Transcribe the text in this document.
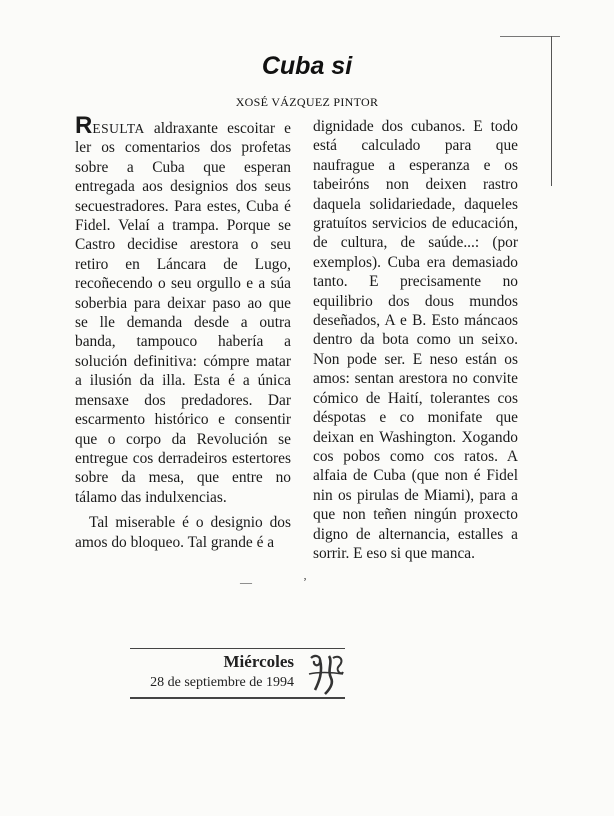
Cuba si
XOSÉ VÁZQUEZ PINTOR

RESULTA aldraxante escoitar e ler os comentarios dos profetas sobre a Cuba que esperan entregada aos designios dos seus secuestradores. Para estes, Cuba é Fidel. Velaí a trampa. Porque se Castro decidise arestora o seu retiro en Láncara de Lugo, recoñecendo o seu orgullo e a súa soberbia para deixar paso ao que se lle demanda desde a outra banda, tampouco habería a solución definitiva: cómpre matar a ilusión da illa. Esta é a única mensaxe dos predadores. Dar escarmento histórico e consentir que o corpo da Revolución se entregue cos derradeiros estertores sobre da mesa, que entre no tálamo das indulxencias.

Tal miserable é o designio dos amos do bloqueo. Tal grande é a

dignidade dos cubanos. E todo está calculado para que naufrague a esperanza e os tabeiróns non deixen rastro daquela solidariedade, daqueles gratuítos servicios de educación, de cultura, de saúde...: (por exemplos). Cuba era demasiado tanto. E precisamente no equilibrio dos dous mundos deseñados, A e B. Esto máncaos dentro da bota como un seixo. Non pode ser. E neso están os amos: sentan arestora no convite cómico de Haití, tolerantes cos déspotas e co monifate que deixan en Washington. Xogando cos pobos como cos ratos. A alfaia de Cuba (que non é Fidel nin os pirulas de Miami), para a que non teñen ningún proxecto digno de alternancia, estalles a sorrir. E eso si que manca.

—                 ʼ
Miércoles
28 de septiembre de 1994
